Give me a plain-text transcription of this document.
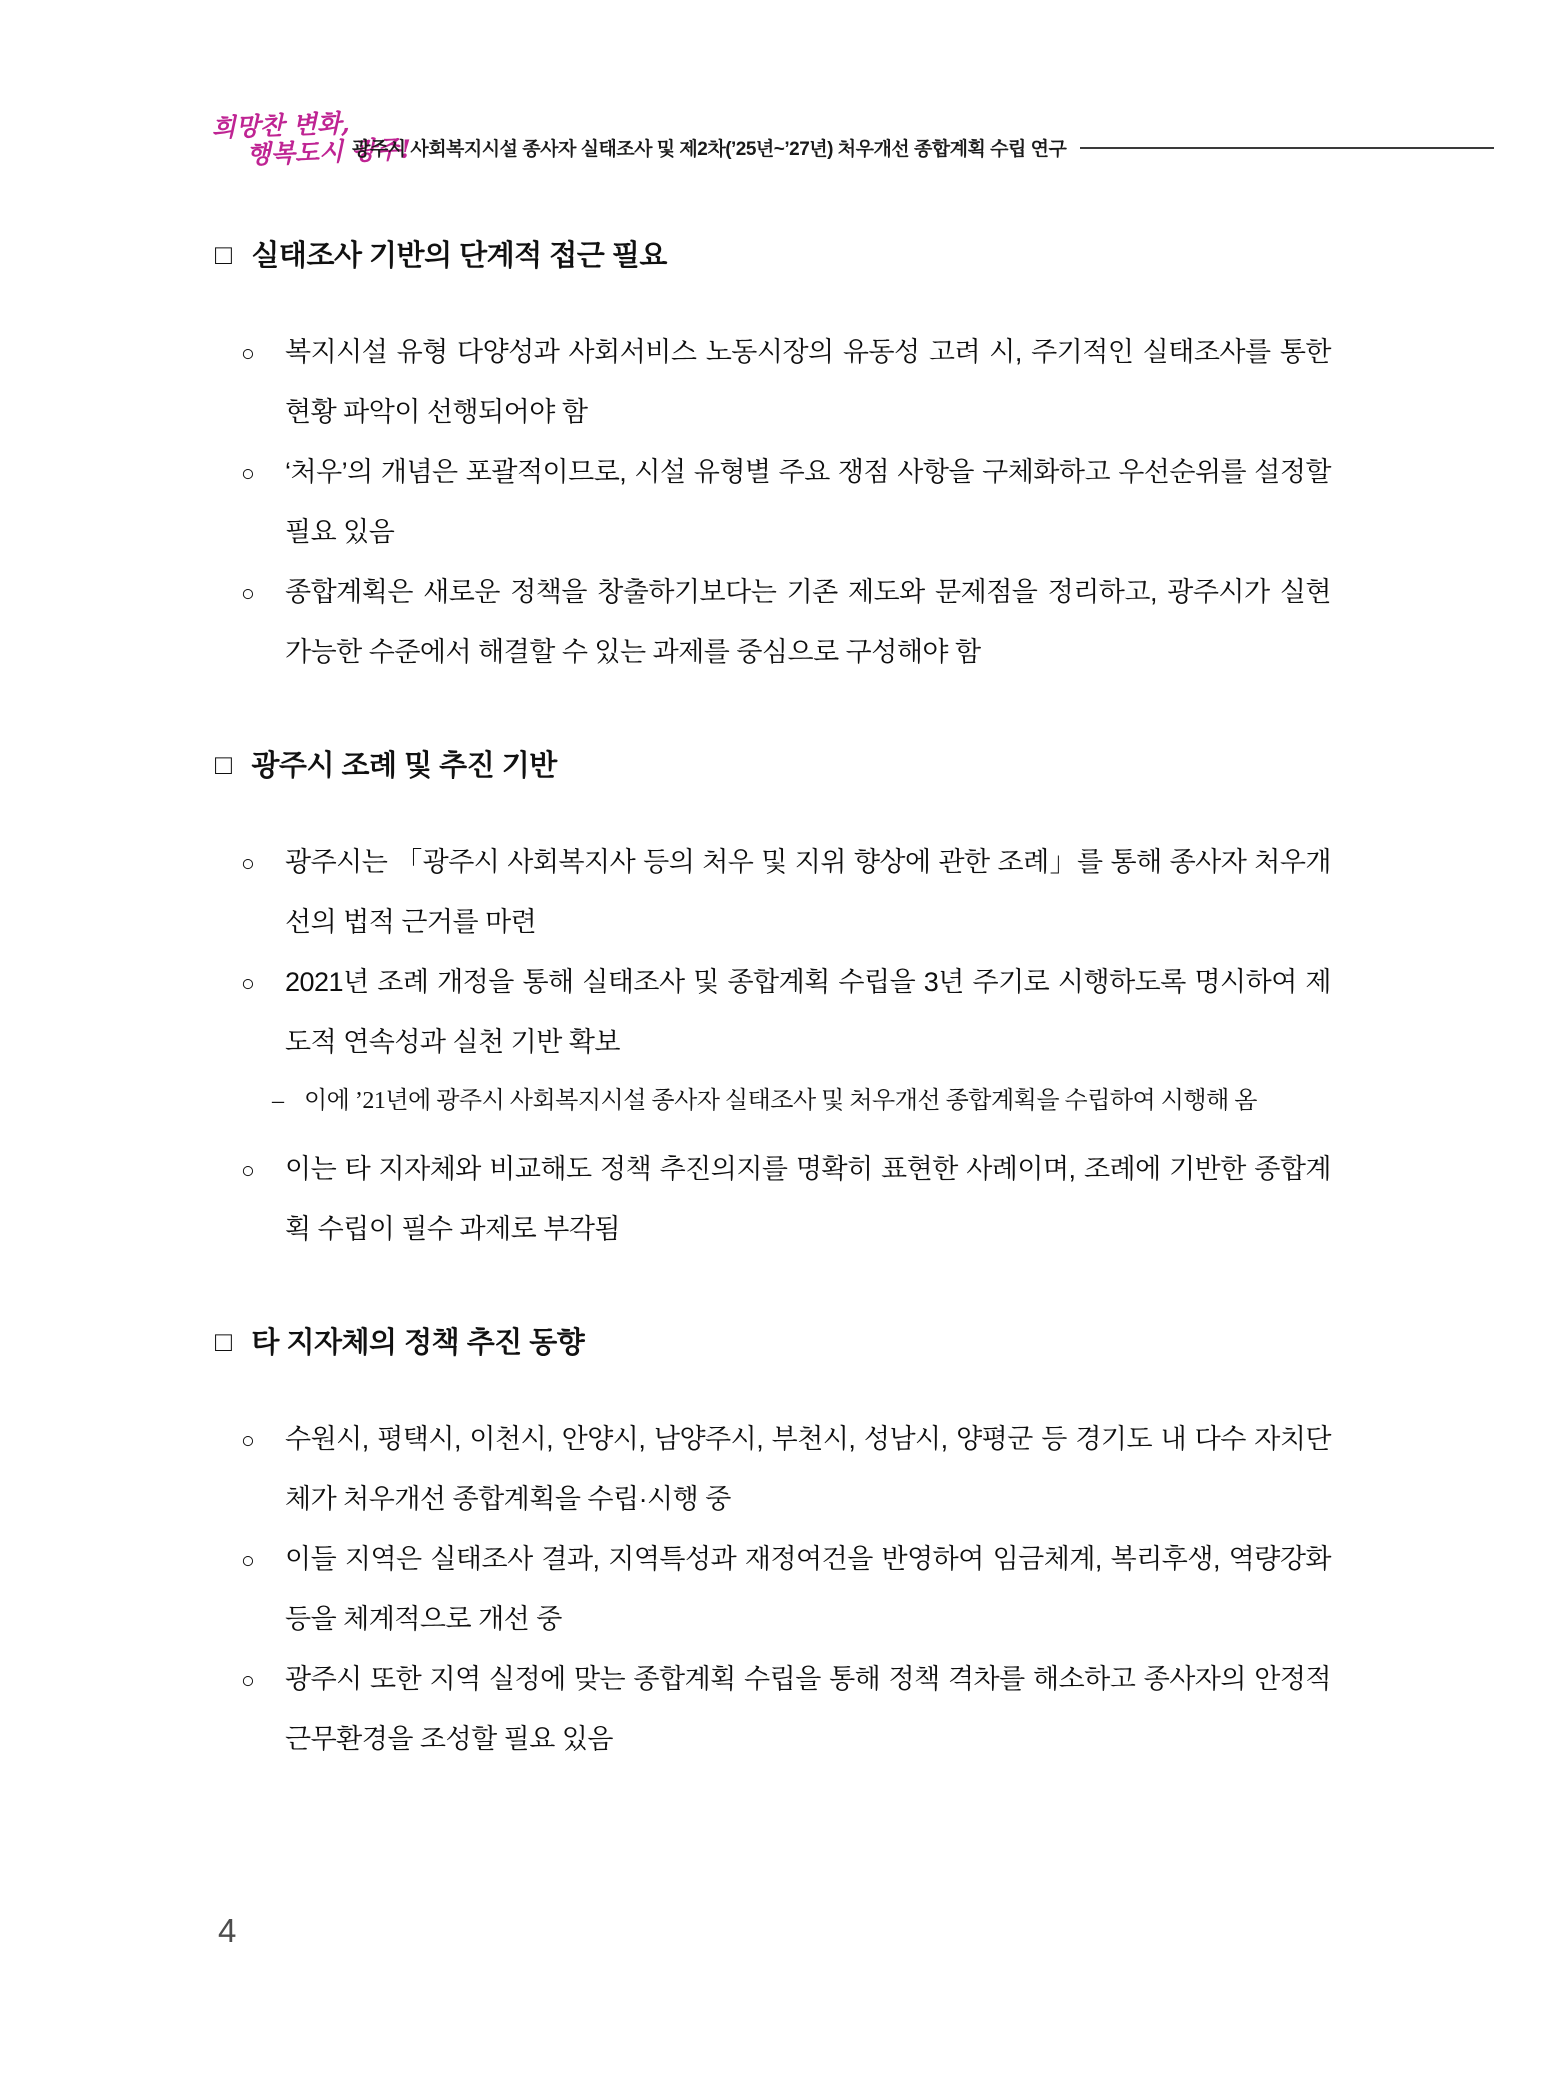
희망찬 변화,
행복도시 광주!
광주시 사회복지시설 종사자 실태조사 및 제2차(’25년~’27년) 처우개선 종합계획 수립 연구
□ 실태조사 기반의 단계적 접근 필요
○ 복지시설 유형 다양성과 사회서비스 노동시장의 유동성 고려 시, 주기적인 실태조사를 통한 현황 파악이 선행되어야 함
○ ‘처우’의 개념은 포괄적이므로, 시설 유형별 주요 쟁점 사항을 구체화하고 우선순위를 설정할 필요 있음
○ 종합계획은 새로운 정책을 창출하기보다는 기존 제도와 문제점을 정리하고, 광주시가 실현 가능한 수준에서 해결할 수 있는 과제를 중심으로 구성해야 함
□ 광주시 조례 및 추진 기반
○ 광주시는 「광주시 사회복지사 등의 처우 및 지위 향상에 관한 조례」를 통해 종사자 처우개선의 법적 근거를 마련
○ 2021년 조례 개정을 통해 실태조사 및 종합계획 수립을 3년 주기로 시행하도록 명시하여 제도적 연속성과 실천 기반 확보
– 이에 ’21년에 광주시 사회복지시설 종사자 실태조사 및 처우개선 종합계획을 수립하여 시행해 옴
○ 이는 타 지자체와 비교해도 정책 추진의지를 명확히 표현한 사례이며, 조례에 기반한 종합계획 수립이 필수 과제로 부각됨
□ 타 지자체의 정책 추진 동향
○ 수원시, 평택시, 이천시, 안양시, 남양주시, 부천시, 성남시, 양평군 등 경기도 내 다수 자치단체가 처우개선 종합계획을 수립·시행 중
○ 이들 지역은 실태조사 결과, 지역특성과 재정여건을 반영하여 임금체계, 복리후생, 역량강화 등을 체계적으로 개선 중
○ 광주시 또한 지역 실정에 맞는 종합계획 수립을 통해 정책 격차를 해소하고 종사자의 안정적 근무환경을 조성할 필요 있음
4
